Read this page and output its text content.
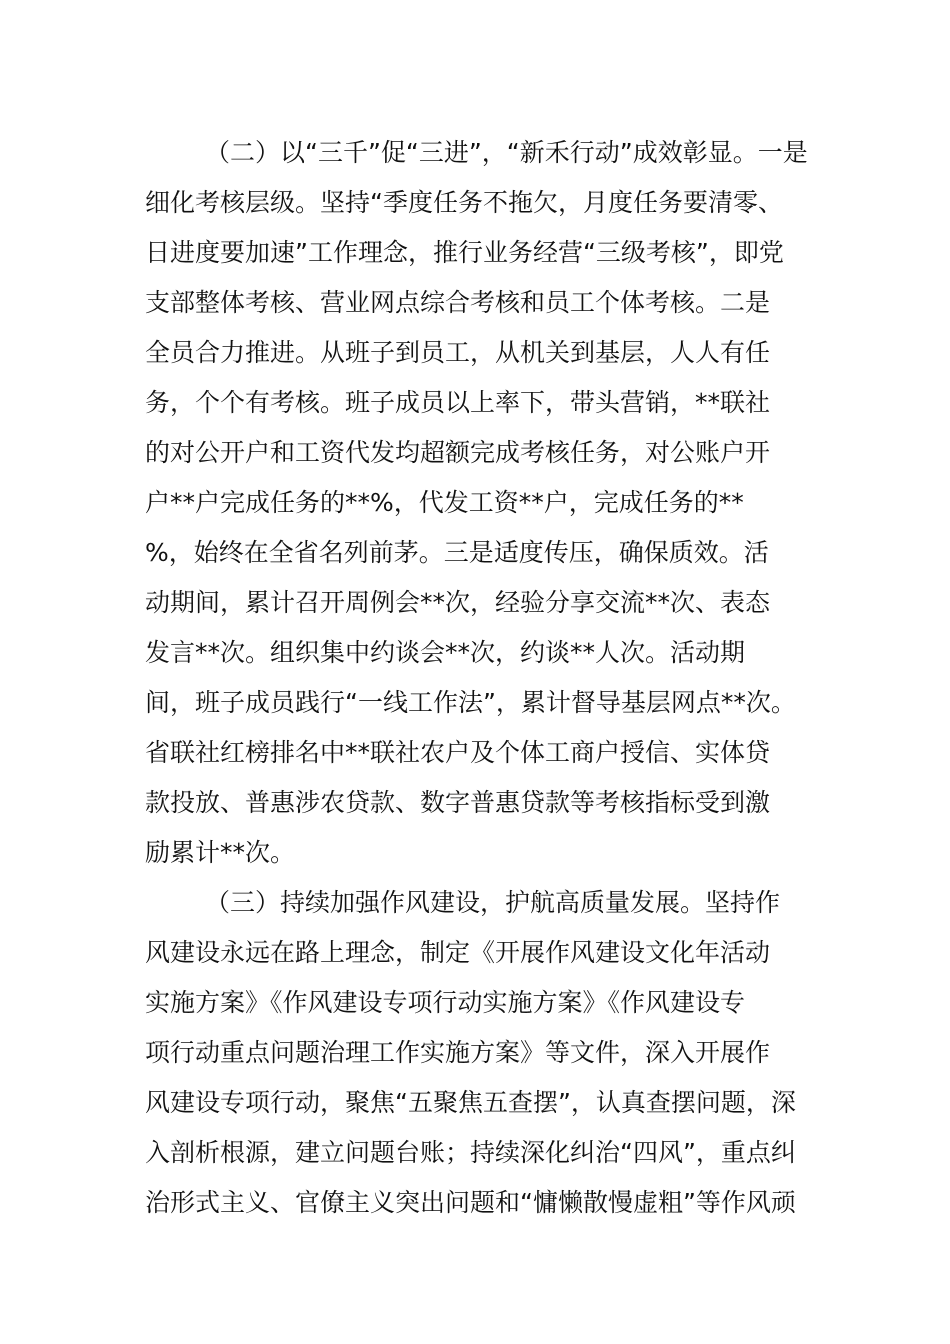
（二）以“三千”促“三进”，“新禾行动”成效彰显。一是
细化考核层级。坚持“季度任务不拖欠，月度任务要清零、
日进度要加速”工作理念，推行业务经营“三级考核”，即党
支部整体考核、营业网点综合考核和员工个体考核。二是
全员合力推进。从班子到员工，从机关到基层，人人有任
务，个个有考核。班子成员以上率下，带头营销，**联社
的对公开户和工资代发均超额完成考核任务，对公账户开
户**户完成任务的**%，代发工资**户，完成任务的**
%，始终在全省名列前茅。三是适度传压，确保质效。活
动期间，累计召开周例会**次，经验分享交流**次、表态
发言**次。组织集中约谈会**次，约谈**人次。活动期
间，班子成员践行“一线工作法”，累计督导基层网点**次。
省联社红榜排名中**联社农户及个体工商户授信、实体贷
款投放、普惠涉农贷款、数字普惠贷款等考核指标受到激
励累计**次。
（三）持续加强作风建设，护航高质量发展。坚持作
风建设永远在路上理念，制定《开展作风建设文化年活动
实施方案》《作风建设专项行动实施方案》《作风建设专
项行动重点问题治理工作实施方案》等文件，深入开展作
风建设专项行动，聚焦“五聚焦五查摆”，认真查摆问题，深
入剖析根源，建立问题台账；持续深化纠治“四风”，重点纠
治形式主义、官僚主义突出问题和“慵懒散慢虚粗”等作风顽
